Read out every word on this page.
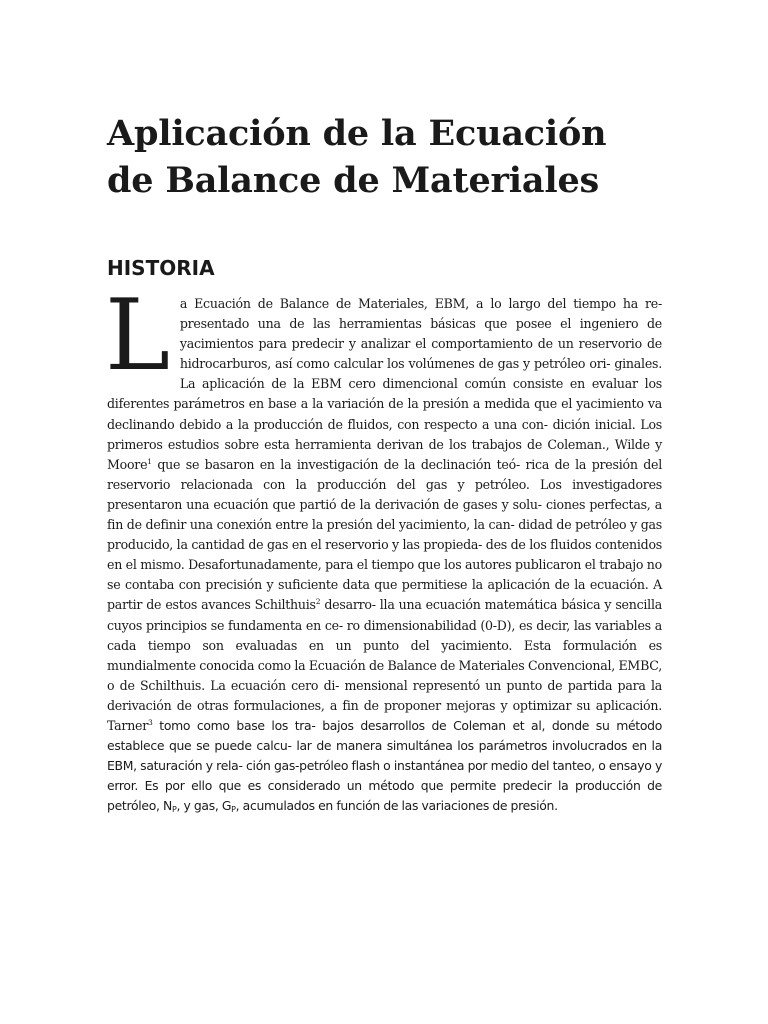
Aplicación de la Ecuación de Balance de Materiales
HISTORIA

La Ecuación de Balance de Materiales, EBM, a lo largo del tiempo ha re- presentado una de las herramientas básicas que posee el ingeniero de yacimientos para predecir y analizar el comportamiento de un reservorio de hidrocarburos, así como calcular los volúmenes de gas y petróleo ori- ginales. La aplicación de la EBM cero dimencional común consiste en evaluar los diferentes parámetros en base a la variación de la presión a medida que el yacimiento va declinando debido a la producción de fluidos, con respecto a una con- dición inicial. Los primeros estudios sobre esta herramienta derivan de los trabajos de Coleman., Wilde y Moore$^1$ que se basaron en la investigación de la declinación teó- rica de la presión del reservorio relacionada con la producción del gas y petróleo. Los investigadores presentaron una ecuación que partió de la derivación de gases y solu- ciones perfectas, a fin de definir una conexión entre la presión del yacimiento, la can- didad de petróleo y gas producido, la cantidad de gas en el reservorio y las propieda- des de los fluidos contenidos en el mismo. Desafortunadamente, para el tiempo que los autores publicaron el trabajo no se contaba con precisión y suficiente data que permitiese la aplicación de la ecuación. A partir de estos avances Schilthuis$^2$ desarro- lla una ecuación matemática básica y sencilla cuyos principios se fundamenta en ce- ro dimensionabilidad (0-D), es decir, las variables a cada tiempo son evaluadas en un punto del yacimiento. Esta formulación es mundialmente conocida como la Ecuación de Balance de Materiales Convencional, EMBC, o de Schilthuis. La ecuación cero di- mensional representó un punto de partida para la derivación de otras formulaciones, a fin de proponer mejoras y optimizar su aplicación. Tarner$^3$ tomo como base los tra- bajos desarrollos de Coleman et al, donde su método establece que se puede calcu- lar de manera simultánea los parámetros involucrados en la EBM, saturación y rela- ción gas-petróleo flash o instantánea por medio del tanteo, o ensayo y error. Es por ello que es considerado un método que permite predecir la producción de petróleo, $N_P$, y gas, $G_P$, acumulados en función de las variaciones de presión.
